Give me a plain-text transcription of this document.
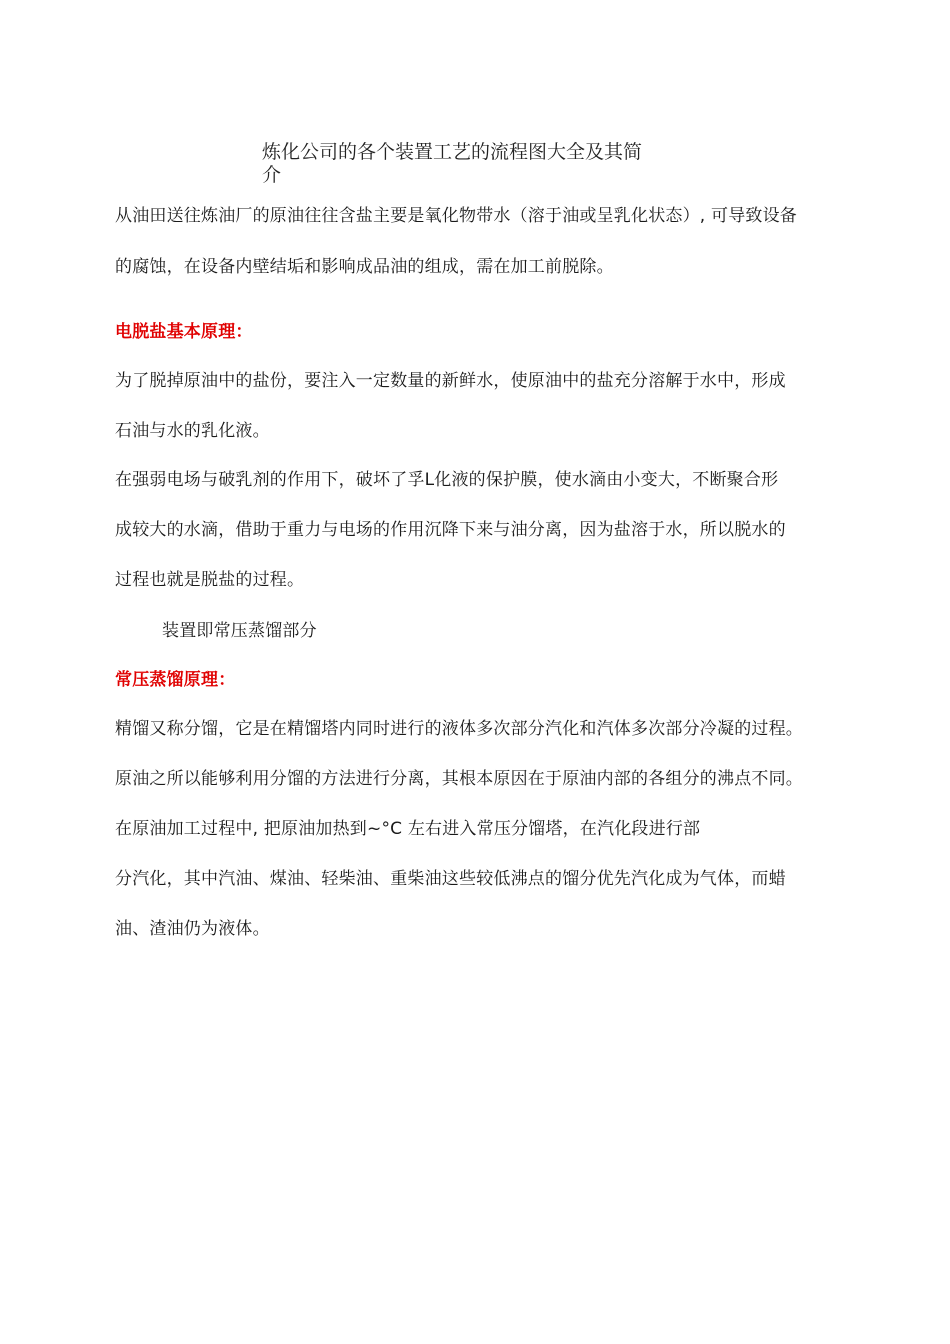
炼化公司的各个装置工艺的流程图大全及其简
介
从油田送往炼油厂的原油往往含盐主要是氧化物带水（溶于油或呈乳化状态）, 可导致设备
的腐蚀，在设备内壁结垢和影响成品油的组成，需在加工前脱除。
电脱盐基本原理：
为了脱掉原油中的盐份，要注入一定数量的新鲜水，使原油中的盐充分溶解于水中，形成
石油与水的乳化液。
在强弱电场与破乳剂的作用下，破坏了孚L化液的保护膜，使水滴由小变大，不断聚合形
成较大的水滴，借助于重力与电场的作用沉降下来与油分离，因为盐溶于水，所以脱水的
过程也就是脱盐的过程。
装置即常压蒸馏部分
常压蒸馏原理：
精馏又称分馏，它是在精馏塔内同时进行的液体多次部分汽化和汽体多次部分冷凝的过程。
原油之所以能够利用分馏的方法进行分离，其根本原因在于原油内部的各组分的沸点不同。
在原油加工过程中, 把原油加热到~°C 左右进入常压分馏塔，在汽化段进行部
分汽化，其中汽油、煤油、轻柴油、重柴油这些较低沸点的馏分优先汽化成为气体，而蜡
油、渣油仍为液体。
